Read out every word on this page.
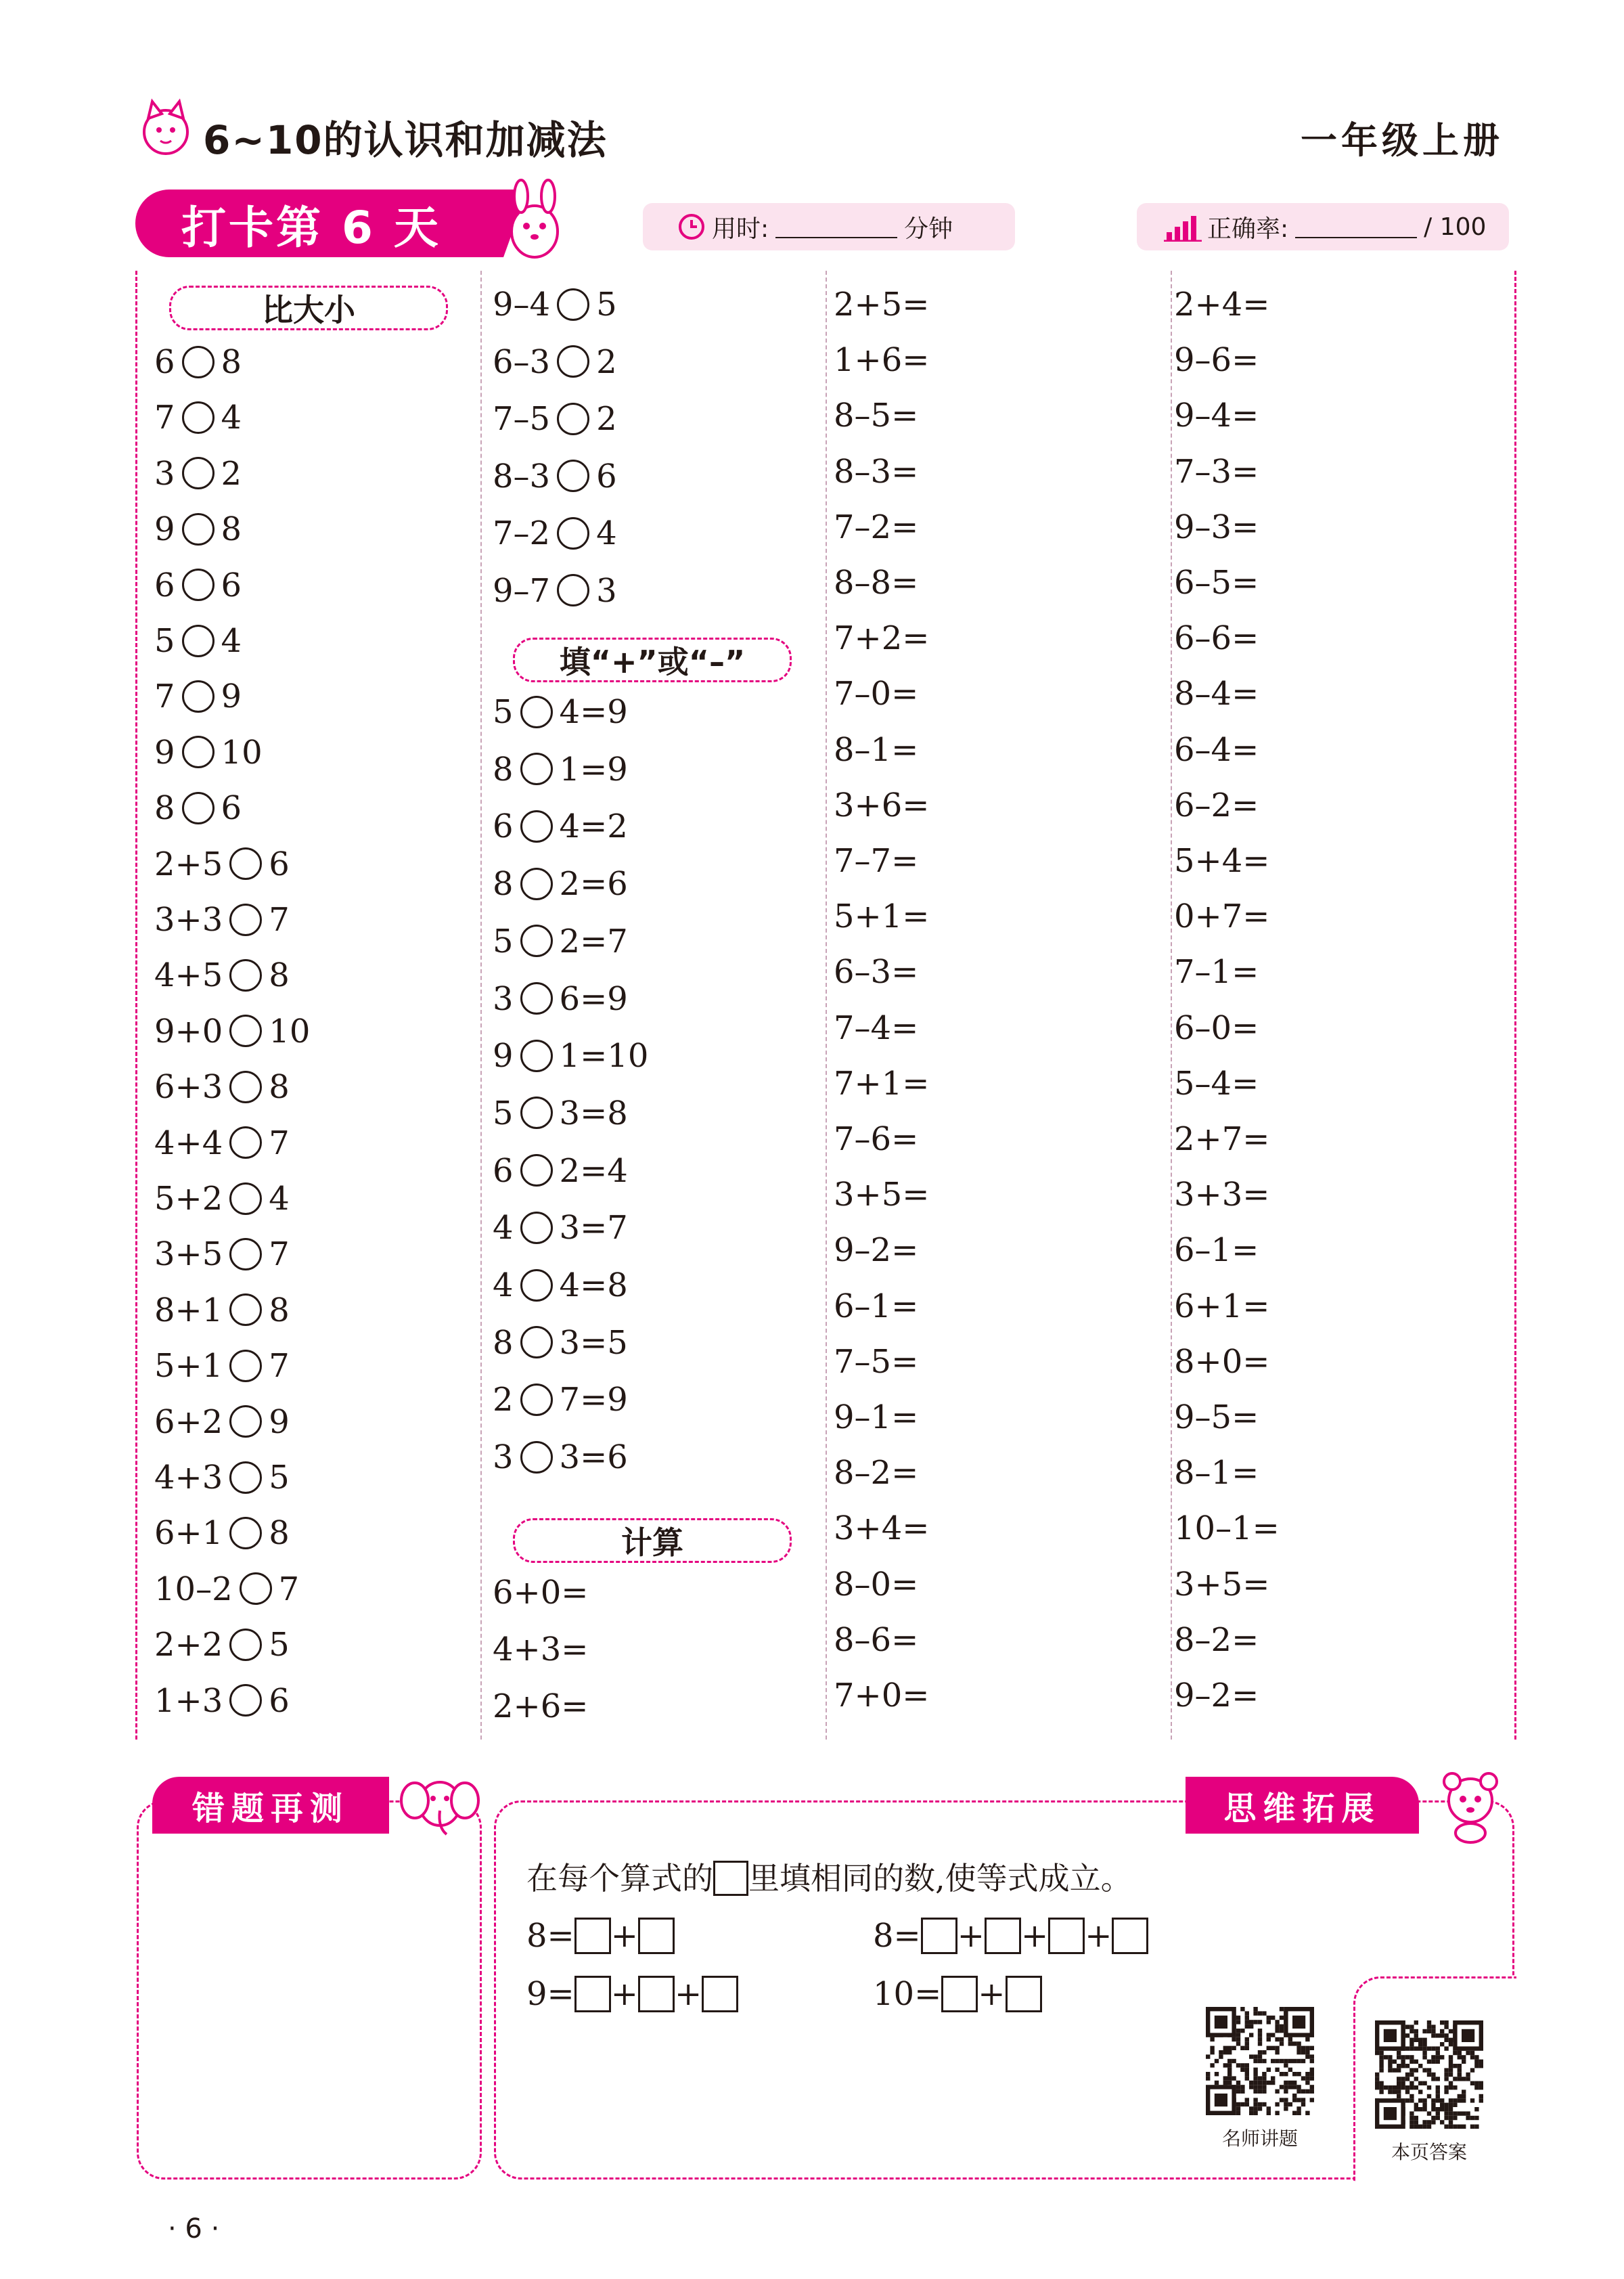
6~10的认识和加减法	一年级上册
打卡第 6 天	用时:	分钟	正确率:	/ 100
比大小
填“+”或“–”
计算
6 8
7 4
3 2
9 8
6 6
5 4
7 9
9 10
8 6
2+5 6
3+3 7
4+5 8
9+0 10
6+3 8
4+4 7
5+2 4
3+5 7
8+1 8
5+1 7
6+2 9
4+3 5
6+1 8
10–2 7
2+2 5
1+3 6
9–4 5
6–3 2
7–5 2
8–3 6
7–2 4
9–7 3
5 4=9
8 1=9
6 4=2
8 2=6
5 2=7
3 6=9
9 1=10
5 3=8
6 2=4
4 3=7
4 4=8
8 3=5
2 7=9
3 3=6
6+0=
4+3=
2+6=
2+5=
1+6=
8–5=
8–3=
7–2=
8–8=
7+2=
7–0=
8–1=
3+6=
7–7=
5+1=
6–3=
7–4=
7+1=
7–6=
3+5=
9–2=
6–1=
7–5=
9–1=
8–2=
3+4=
8–0=
8–6=
7+0=
2+4=
9–6=
9–4=
7–3=
9–3=
6–5=
6–6=
8–4=
6–4=
6–2=
5+4=
0+7=
7–1=
6–0=
5–4=
2+7=
3+3=
6–1=
6+1=
8+0=
9–5=
8–1=
10–1=
3+5=
8–2=
9–2=
错题再测	思维拓展
在每个算式的 里填相同的数,使等式成立。
8= +	8= + + +
9= + +	10= +
名师讲题
本页答案
· 6 ·
